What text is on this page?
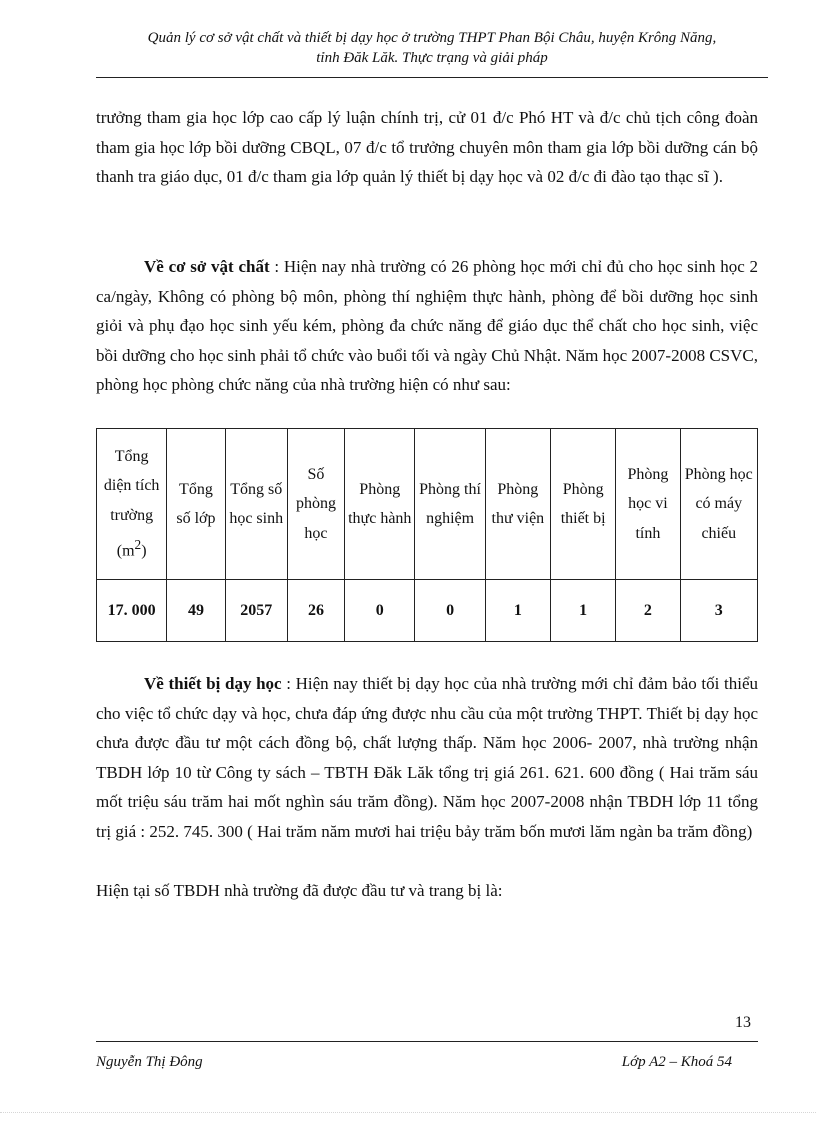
Quản lý cơ sở vật chất và thiết bị dạy học ở trường THPT Phan Bội Châu, huyện Krông Năng,
tỉnh Đăk Lăk. Thực trạng và giải pháp

trưởng tham gia học lớp cao cấp lý luận chính trị, cử 01 đ/c Phó HT và đ/c chủ tịch công đoàn tham gia học lớp bồi dưỡng CBQL, 07 đ/c tổ trưởng chuyên môn tham gia lớp bồi dưỡng cán bộ thanh tra giáo dục, 01 đ/c tham gia lớp quản lý thiết bị dạy học và 02 đ/c đi đào tạo thạc sĩ ).

Về cơ sở vật chất : Hiện nay nhà trường có 26 phòng học mới chỉ đủ cho học sinh học 2 ca/ngày, Không có phòng bộ môn, phòng thí nghiệm thực hành, phòng để bồi dưỡng học sinh giỏi và phụ đạo học sinh yếu kém, phòng đa chức năng để giáo dục thể chất cho học sinh, việc bồi dưỡng cho học sinh phải tổ chức vào buổi tối và ngày Chủ Nhật. Năm học 2007-2008 CSVC, phòng học phòng chức năng của nhà trường hiện có như sau:

Tổng diện tích trường $(m^2)$	Tổng số lớp	Tổng số học sinh	Số phòng học	Phòng thực hành	Phòng thí nghiệm	Phòng thư viện	Phòng thiết bị	Phòng học vi tính	Phòng học có máy chiếu
17. 000	49	2057	26	0	0	1	1	2	3

Về thiết bị dạy học : Hiện nay thiết bị dạy học của nhà trường mới chỉ đảm bảo tối thiểu cho việc tổ chức dạy và học, chưa đáp ứng được nhu cầu của một trường THPT. Thiết bị dạy học chưa được đầu tư một cách đồng bộ, chất lượng thấp. Năm học 2006- 2007, nhà trường nhận TBDH lớp 10 từ Công ty sách – TBTH Đăk Lăk tổng trị giá 261. 621. 600 đồng ( Hai trăm sáu mốt triệu sáu trăm hai mốt nghìn sáu trăm đồng). Năm học 2007-2008 nhận TBDH lớp 11 tổng trị giá : 252. 745. 300 ( Hai trăm năm mươi hai triệu bảy trăm bốn mươi lăm ngàn ba trăm đồng)

Hiện tại số TBDH nhà trường đã được đầu tư và trang bị là:

13
Nguyễn Thị Đông	Lớp A2 – Khoá 54
